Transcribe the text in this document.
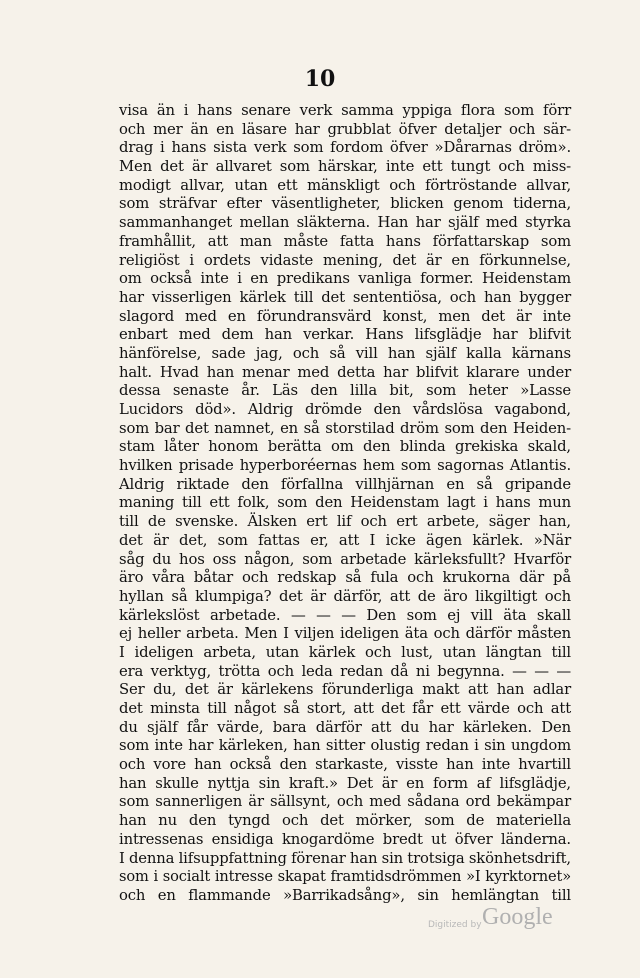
10
visa än i hans senare verk samma yppiga flora som förr
och mer än en läsare har grubblat öfver detaljer och sär-
drag i hans sista verk som fordom öfver »Dårarnas dröm».
Men det är allvaret som härskar, inte ett tungt och miss-
modigt allvar, utan ett mänskligt och förtröstande allvar,
som sträfvar efter väsentligheter, blicken genom tiderna,
sammanhanget mellan släkterna. Han har själf med styrka
framhållit, att man måste fatta hans författarskap som
religiöst i ordets vidaste mening, det är en förkunnelse,
om också inte i en predikans vanliga former. Heidenstam
har visserligen kärlek till det sententiösa, och han bygger
slagord med en förundransvärd konst, men det är inte
enbart med dem han verkar. Hans lifsglädje har blifvit
hänförelse, sade jag, och så vill han själf kalla kärnans
halt. Hvad han menar med detta har blifvit klarare under
dessa senaste år. Läs den lilla bit, som heter »Lasse
Lucidors död». Aldrig drömde den vårdslösa vagabond,
som bar det namnet, en så storstilad dröm som den Heiden-
stam låter honom berätta om den blinda grekiska skald,
hvilken prisade hyperboréernas hem som sagornas Atlantis.
Aldrig riktade den förfallna villhjärnan en så gripande
maning till ett folk, som den Heidenstam lagt i hans mun
till de svenske. Älsken ert lif och ert arbete, säger han,
det är det, som fattas er, att I icke ägen kärlek. »När
såg du hos oss någon, som arbetade kärleksfullt? Hvarför
äro våra båtar och redskap så fula och krukorna där på
hyllan så klumpiga? det är därför, att de äro likgiltigt och
kärlekslöst arbetade. — — — Den som ej vill äta skall
ej heller arbeta. Men I viljen ideligen äta och därför måsten
I ideligen arbeta, utan kärlek och lust, utan längtan till
era verktyg, trötta och leda redan då ni begynna. — — —
Ser du, det är kärlekens förunderliga makt att han adlar
det minsta till något så stort, att det får ett värde och att
du själf får värde, bara därför att du har kärleken. Den
som inte har kärleken, han sitter olustig redan i sin ungdom
och vore han också den starkaste, visste han inte hvartill
han skulle nyttja sin kraft.» Det är en form af lifsglädje,
som sannerligen är sällsynt, och med sådana ord bekämpar
han nu den tyngd och det mörker, som de materiella
intressenas ensidiga knogardöme bredt ut öfver länderna.
I denna lifsuppfattning förenar han sin trotsiga skönhetsdrift,
som i socialt intresse skapat framtidsdrömmen »I kyrktornet»
och en flammande »Barrikadsång», sin hemlängtan till
Digitized by Google
